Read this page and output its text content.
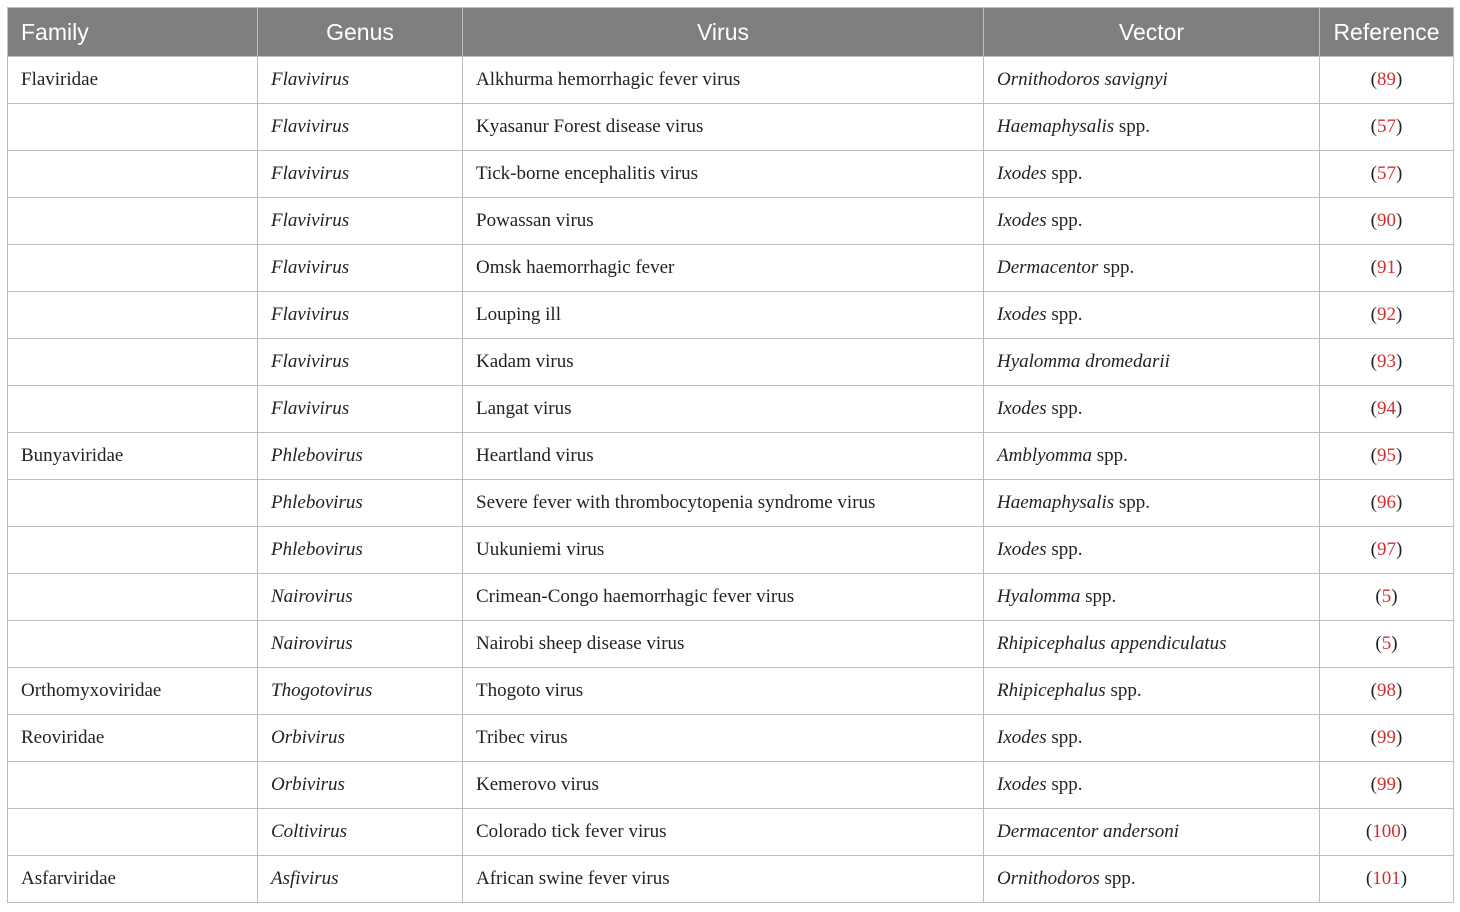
Family	Genus	Virus	Vector	Reference
Flaviridae	Flavivirus	Alkhurma hemorrhagic fever virus	Ornithodoros savignyi	(89)
	Flavivirus	Kyasanur Forest disease virus	Haemaphysalis spp.	(57)
	Flavivirus	Tick-borne encephalitis virus	Ixodes spp.	(57)
	Flavivirus	Powassan virus	Ixodes spp.	(90)
	Flavivirus	Omsk haemorrhagic fever	Dermacentor spp.	(91)
	Flavivirus	Louping ill	Ixodes spp.	(92)
	Flavivirus	Kadam virus	Hyalomma dromedarii	(93)
	Flavivirus	Langat virus	Ixodes spp.	(94)
Bunyaviridae	Phlebovirus	Heartland virus	Amblyomma spp.	(95)
	Phlebovirus	Severe fever with thrombocytopenia syndrome virus	Haemaphysalis spp.	(96)
	Phlebovirus	Uukuniemi virus	Ixodes spp.	(97)
	Nairovirus	Crimean-Congo haemorrhagic fever virus	Hyalomma spp.	(5)
	Nairovirus	Nairobi sheep disease virus	Rhipicephalus appendiculatus	(5)
Orthomyxoviridae	Thogotovirus	Thogoto virus	Rhipicephalus spp.	(98)
Reoviridae	Orbivirus	Tribec virus	Ixodes spp.	(99)
	Orbivirus	Kemerovo virus	Ixodes spp.	(99)
	Coltivirus	Colorado tick fever virus	Dermacentor andersoni	(100)
Asfarviridae	Asfivirus	African swine fever virus	Ornithodoros spp.	(101)
